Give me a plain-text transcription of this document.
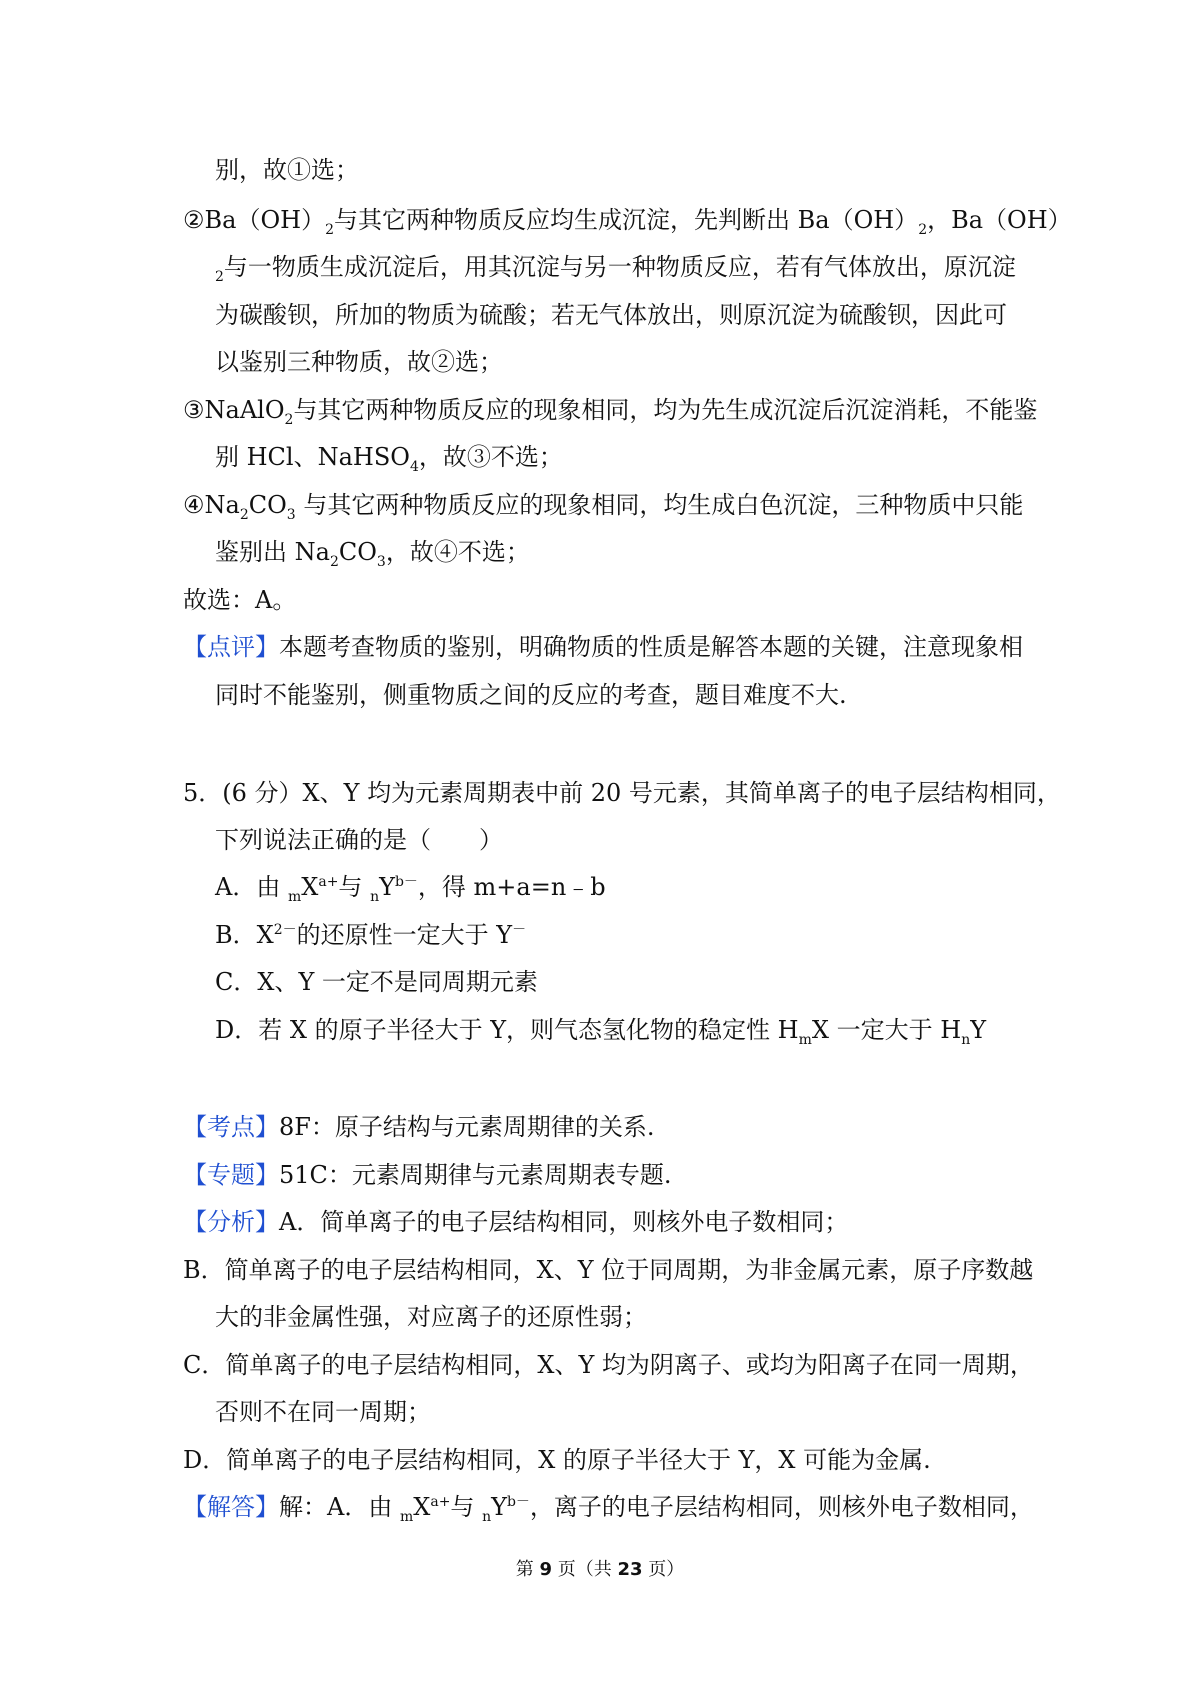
别，故①选；
$②Ba(OH)_2$与其它两种物质反应均生成沉淀，先判断出 $Ba(OH)_2$，Ba（OH）
$_2$与一物质生成沉淀后，用其沉淀与另一种物质反应，若有气体放出，原沉淀
为碳酸钡，所加的物质为硫酸；若无气体放出，则原沉淀为硫酸钡，因此可
以鉴别三种物质，故②选；
③NaAlO$_2$与其它两种物质反应的现象相同，均为先生成沉淀后沉淀消耗，不能鉴
别 HCl、NaHSO$_4$，故③不选；
$④Na_2CO_3$ 与其它两种物质反应的现象相同，均生成白色沉淀，三种物质中只能
鉴别出 $Na_2CO_3$，故④不选；
故选：A。
【点评】本题考查物质的鉴别，明确物质的性质是解答本题的关键，注意现象相
同时不能鉴别，侧重物质之间的反应的考查，题目难度不大.
5．(6 分）X、Y 均为元素周期表中前 20 号元素，其简单离子的电子层结构相同，
下列说法正确的是（　　）
A．由 $_mX^{a+}$与 $_nY^{b-}$，得 m+a=n﹣b
B．$X^{2-}$的还原性一定大于 Y－
C．X、Y 一定不是同周期元素
D．若 X 的原子半径大于 Y，则气态氢化物的稳定性 $H_mX$ 一定大于 $H_nY$
【考点】8F：原子结构与元素周期律的关系.
【专题】51C：元素周期律与元素周期表专题.
【分析】A．简单离子的电子层结构相同，则核外电子数相同；
B．简单离子的电子层结构相同，X、Y 位于同周期，为非金属元素，原子序数越
大的非金属性强，对应离子的还原性弱；
C．简单离子的电子层结构相同，X、Y 均为阴离子、或均为阳离子在同一周期，
否则不在同一周期；
D．简单离子的电子层结构相同，X 的原子半径大于 Y，X 可能为金属.
【解答】解：A．由 $_mX^{a+}$与 $_nY^{b-}$，离子的电子层结构相同，则核外电子数相同，
第 9 页（共 23 页）
